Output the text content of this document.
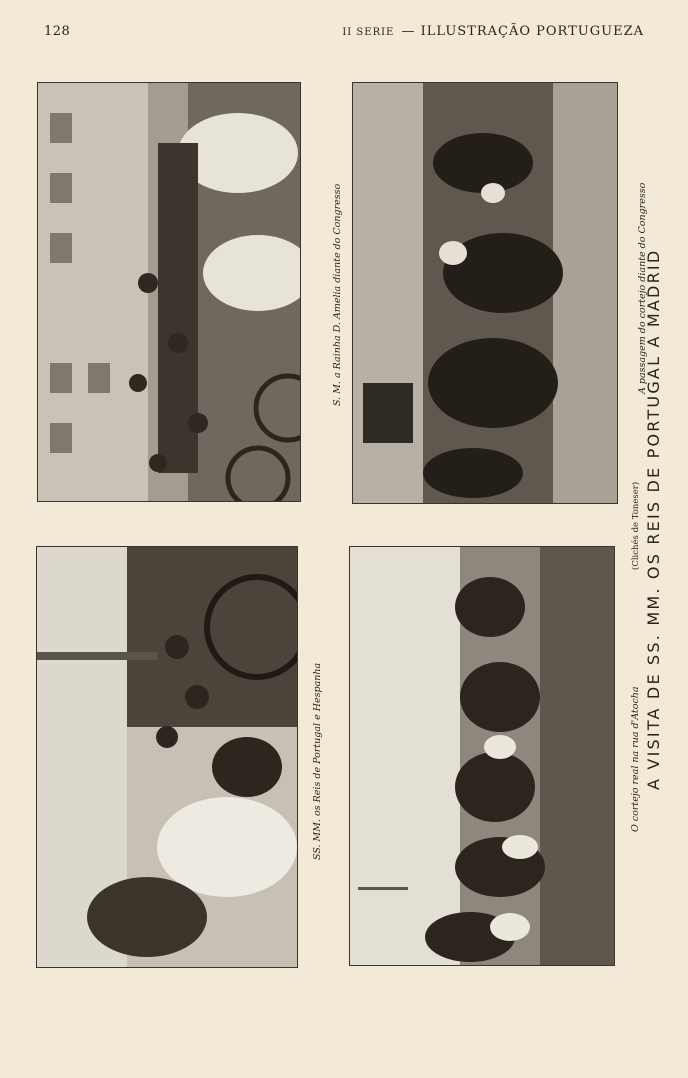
128	II SERIE — ILLUSTRAÇÃO PORTUGUEZA
S. M. a Rainha D. Amelia diante do Congresso	A passagem do cortejo diante do Congresso
SS. MM. os Reis de Portugal e Hespanha	O cortejo real na rua d'Atocha
(Clichés de Toneser) A VISITA DE SS. MM. OS REIS DE PORTUGAL A MADRID
